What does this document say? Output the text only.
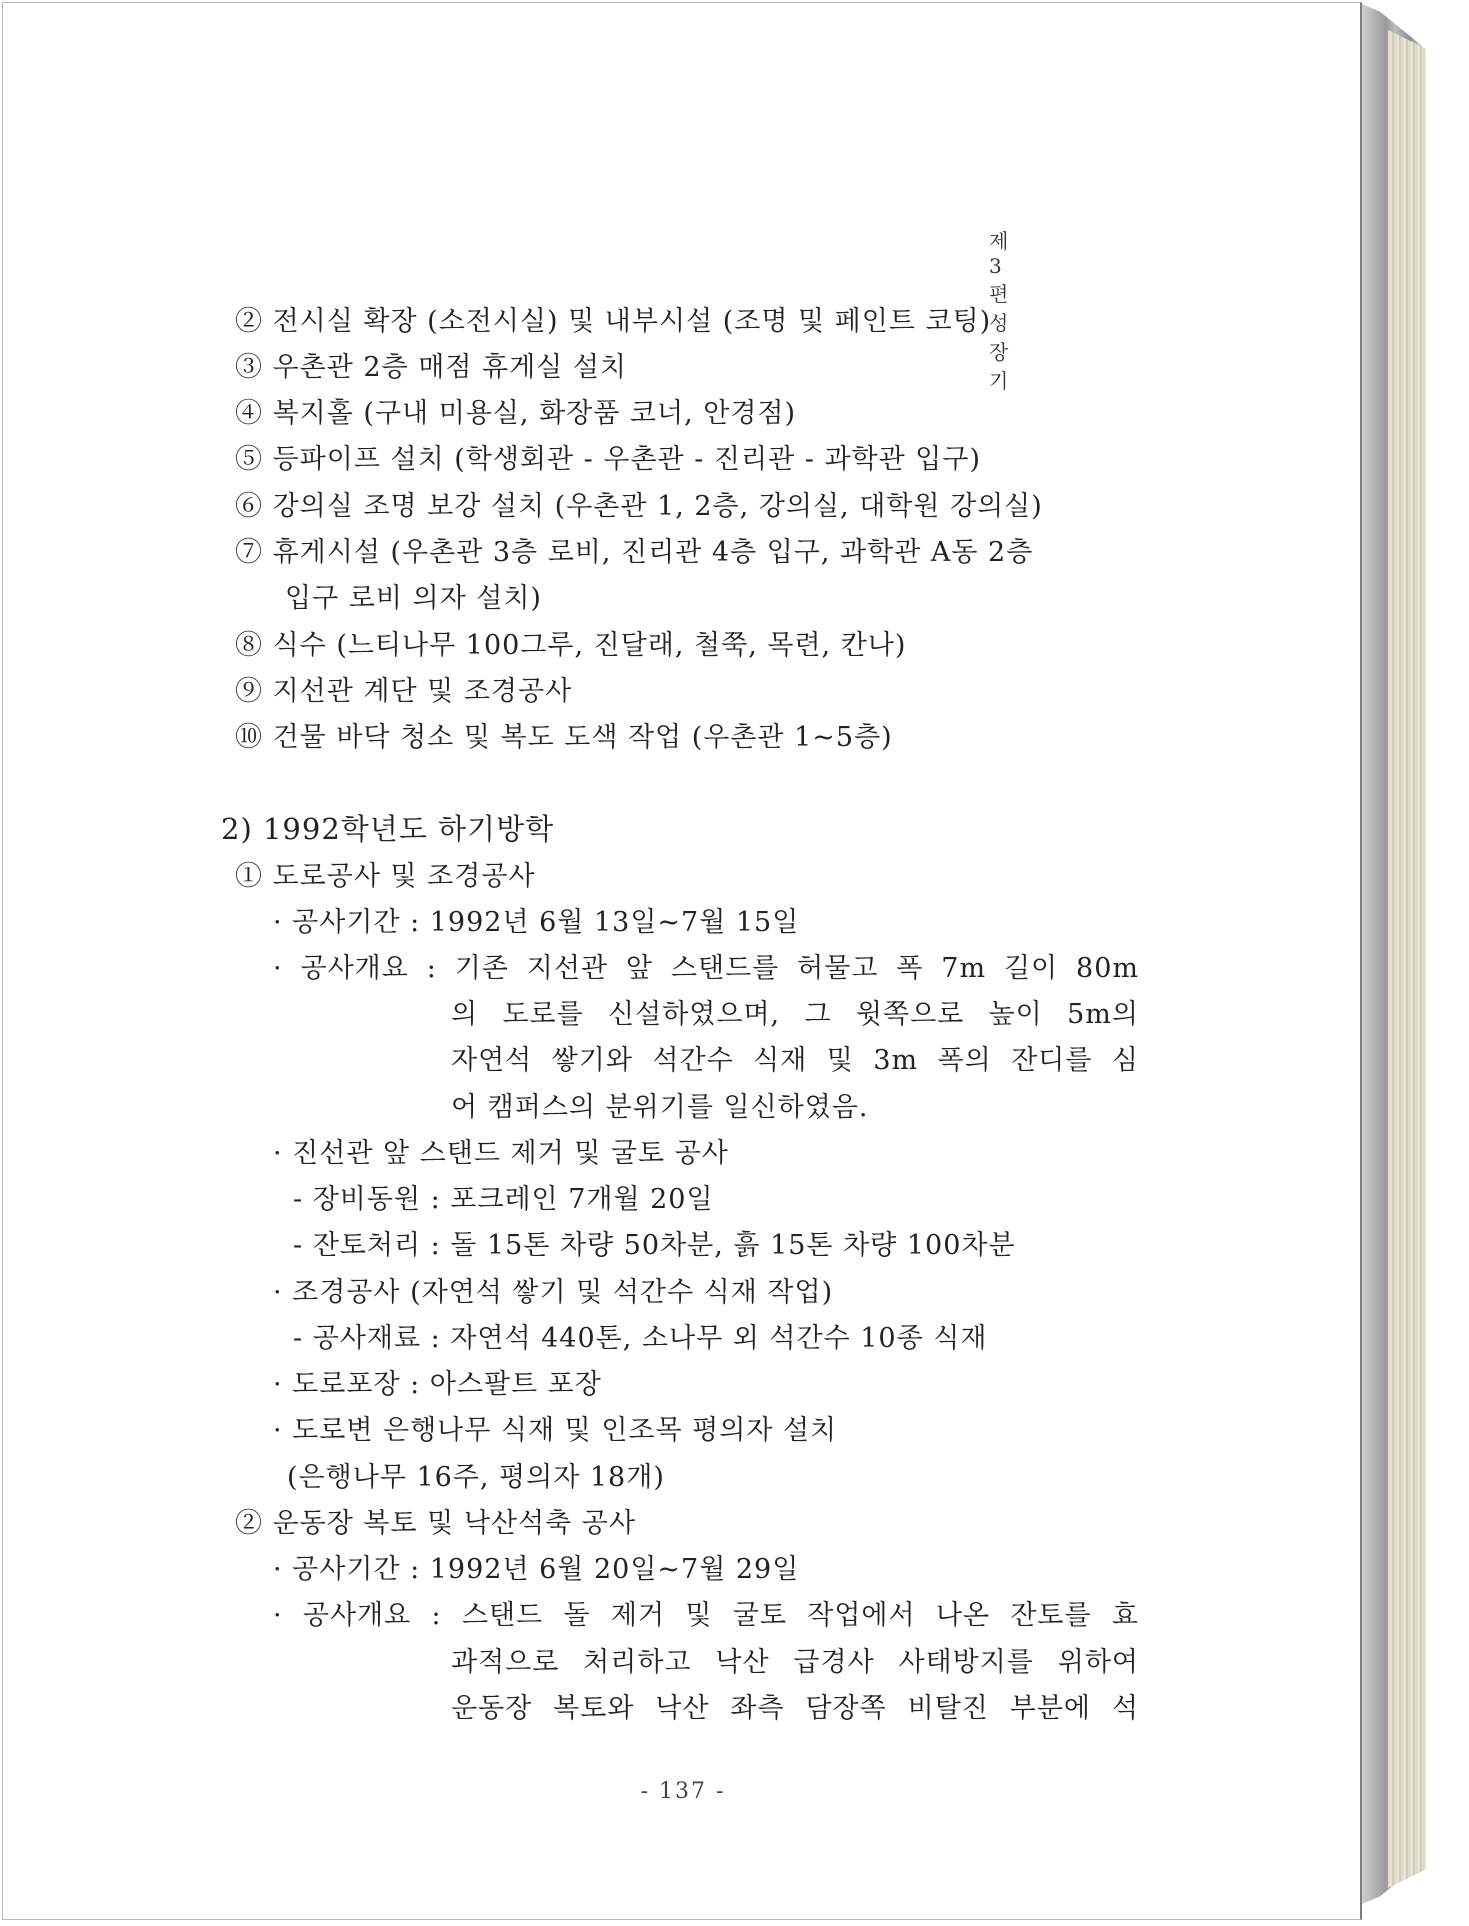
제3편 성장기
② 전시실 확장 (소전시실) 및 내부시설 (조명 및 페인트 코팅)
③ 우촌관 2층 매점 휴게실 설치
④ 복지홀 (구내 미용실, 화장품 코너, 안경점)
⑤ 등파이프 설치 (학생회관 - 우촌관 - 진리관 - 과학관 입구)
⑥ 강의실 조명 보강 설치 (우촌관 1, 2층, 강의실, 대학원 강의실)
⑦ 휴게시설 (우촌관 3층 로비, 진리관 4층 입구, 과학관 A동 2층
입구 로비 의자 설치)
⑧ 식수 (느티나무 100그루, 진달래, 철쭉, 목련, 칸나)
⑨ 지선관 계단 및 조경공사
⑩ 건물 바닥 청소 및 복도 도색 작업 (우촌관 1~5층)
2) 1992학년도 하기방학
① 도로공사 및 조경공사
· 공사기간 : 1992년 6월 13일~7월 15일
· 공사개요 : 기존 지선관 앞 스탠드를 허물고 폭 7m 길이 80m
의 도로를 신설하였으며, 그 윗쪽으로 높이 5m의
자연석 쌓기와 석간수 식재 및 3m 폭의 잔디를 심
어 캠퍼스의 분위기를 일신하였음.
· 진선관 앞 스탠드 제거 및 굴토 공사
- 장비동원 : 포크레인 7개월 20일
- 잔토처리 : 돌 15톤 차량 50차분, 흙 15톤 차량 100차분
· 조경공사 (자연석 쌓기 및 석간수 식재 작업)
- 공사재료 : 자연석 440톤, 소나무 외 석간수 10종 식재
· 도로포장 : 아스팔트 포장
· 도로변 은행나무 식재 및 인조목 평의자 설치
(은행나무 16주, 평의자 18개)
② 운동장 복토 및 낙산석축 공사
· 공사기간 : 1992년 6월 20일~7월 29일
· 공사개요 : 스탠드 돌 제거 및 굴토 작업에서 나온 잔토를 효
과적으로 처리하고 낙산 급경사 사태방지를 위하여
운동장 복토와 낙산 좌측 담장쪽 비탈진 부분에 석
- 137 -
